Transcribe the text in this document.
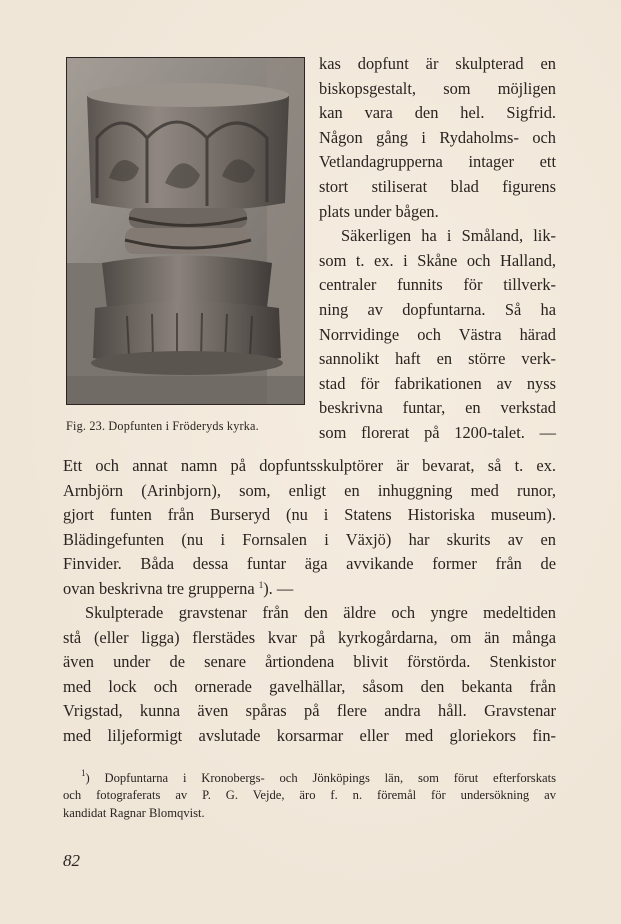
Fig. 23. Dopfunten i Fröderyds kyrka.
kas dopfunt är skulpterad en
biskopsgestalt, som möjligen
kan vara den hel. Sigfrid.
Någon gång i Rydaholms- och
Vetlandagrupperna intager ett
stort stiliserat blad figurens
plats under bågen.
Säkerligen ha i Småland, lik-
som t. ex. i Skåne och Halland,
centraler funnits för tillverk-
ning av dopfuntarna. Så ha
Norrvidinge och Västra härad
sannolikt haft en större verk-
stad för fabrikationen av nyss
beskrivna funtar, en verkstad
som florerat på 1200-talet. —
Ett och annat namn på dopfuntsskulptörer är bevarat, så t. ex.
Arnbjörn (Arinbjorn), som, enligt en inhuggning med runor,
gjort funten från Burseryd (nu i Statens Historiska museum).
Blädingefunten (nu i Fornsalen i Växjö) har skurits av en
Finvider. Båda dessa funtar äga avvikande former från de
ovan beskrivna tre grupperna $^1$). —
Skulpterade gravstenar från den äldre och yngre medeltiden
stå (eller ligga) flerstädes kvar på kyrkogårdarna, om än många
även under de senare årtiondena blivit förstörda. Stenkistor
med lock och ornerade gavelhällar, såsom den bekanta från
Vrigstad, kunna även spåras på flere andra håll. Gravstenar
med liljeformigt avslutade korsarmar eller med gloriekors fin-
$^1$) Dopfuntarna i Kronobergs- och Jönköpings län, som förut efterforskats
och fotograferats av P. G. Vejde, äro f. n. föremål för undersökning av
kandidat Ragnar Blomqvist.
82
